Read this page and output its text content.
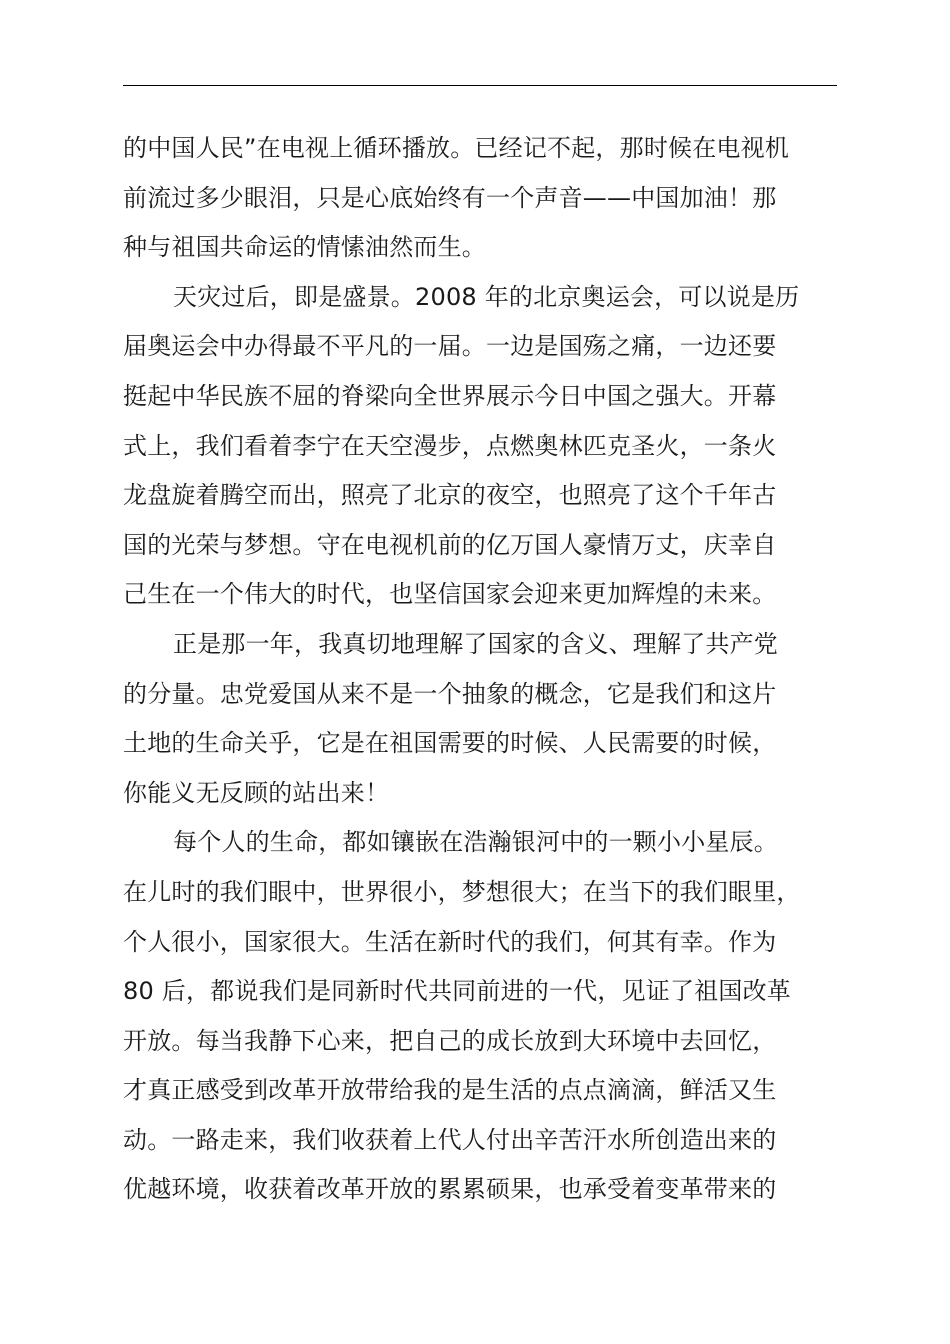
的中国人民”在电视上循环播放。已经记不起，那时候在电视机
前流过多少眼泪，只是心底始终有一个声音——中国加油！那
种与祖国共命运的情愫油然而生。
天灾过后，即是盛景。2008 年的北京奥运会，可以说是历
届奥运会中办得最不平凡的一届。一边是国殇之痛，一边还要
挺起中华民族不屈的脊梁向全世界展示今日中国之强大。开幕
式上，我们看着李宁在天空漫步，点燃奥林匹克圣火，一条火
龙盘旋着腾空而出，照亮了北京的夜空，也照亮了这个千年古
国的光荣与梦想。守在电视机前的亿万国人豪情万丈，庆幸自
己生在一个伟大的时代，也坚信国家会迎来更加辉煌的未来。
正是那一年，我真切地理解了国家的含义、理解了共产党
的分量。忠党爱国从来不是一个抽象的概念，它是我们和这片
土地的生命关乎，它是在祖国需要的时候、人民需要的时候，
你能义无反顾的站出来！
每个人的生命，都如镶嵌在浩瀚银河中的一颗小小星辰。
在儿时的我们眼中，世界很小，梦想很大；在当下的我们眼里，
个人很小，国家很大。生活在新时代的我们，何其有幸。作为
80 后，都说我们是同新时代共同前进的一代，见证了祖国改革
开放。每当我静下心来，把自己的成长放到大环境中去回忆，
才真正感受到改革开放带给我的是生活的点点滴滴，鲜活又生
动。一路走来，我们收获着上代人付出辛苦汗水所创造出来的
优越环境，收获着改革开放的累累硕果，也承受着变革带来的
